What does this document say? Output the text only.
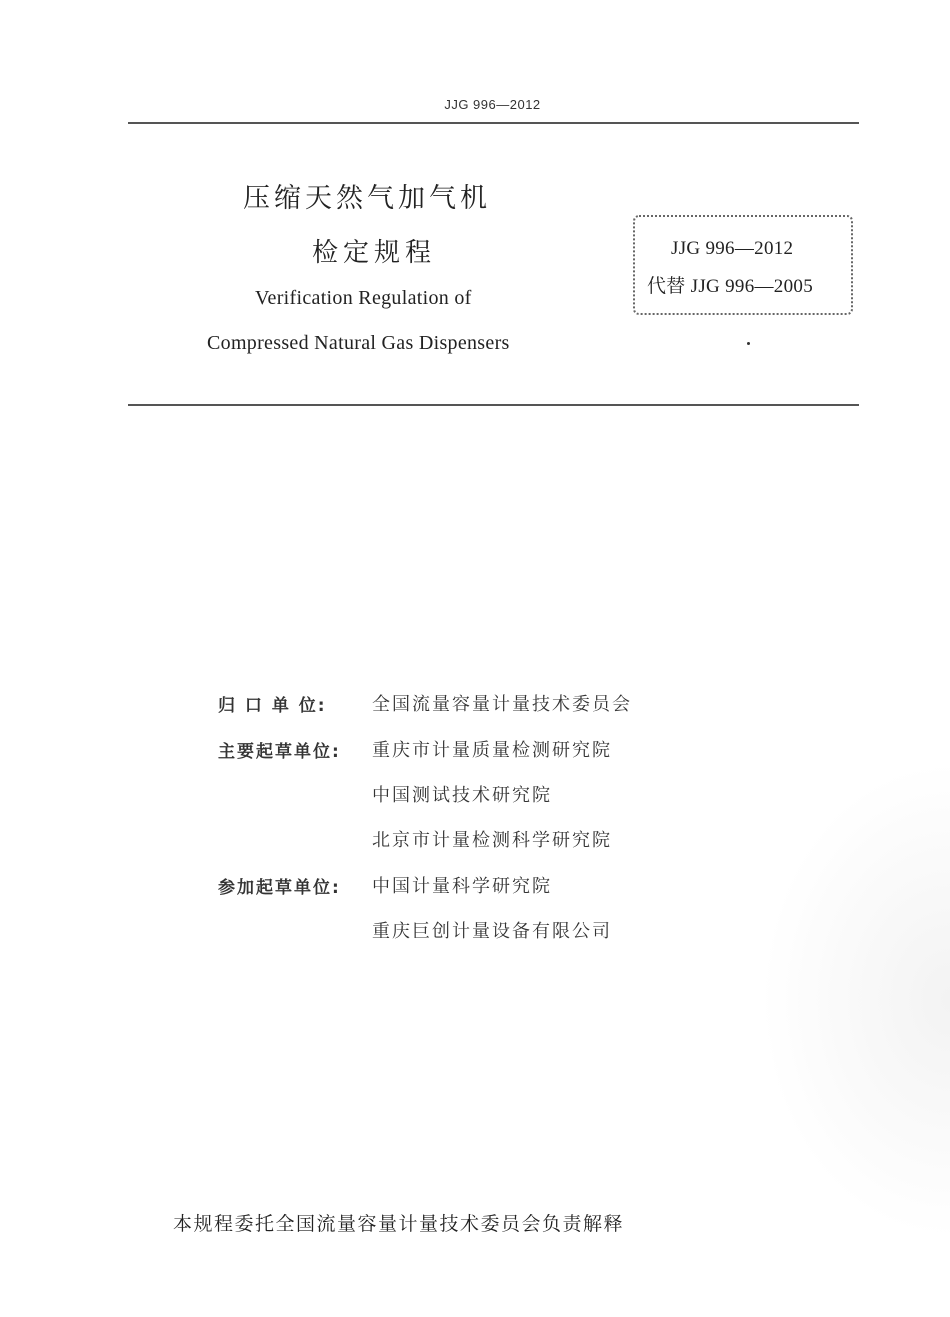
JJG 996—2012
压缩天然气加气机
检定规程
Verification Regulation of
Compressed Natural Gas Dispensers
JJG 996—2012
代替 JJG 996—2005
归 口 单 位:	全国流量容量计量技术委员会
主要起草单位: 重庆市计量质量检测研究院
中国测试技术研究院
北京市计量检测科学研究院
参加起草单位: 中国计量科学研究院
重庆巨创计量设备有限公司
本规程委托全国流量容量计量技术委员会负责解释
